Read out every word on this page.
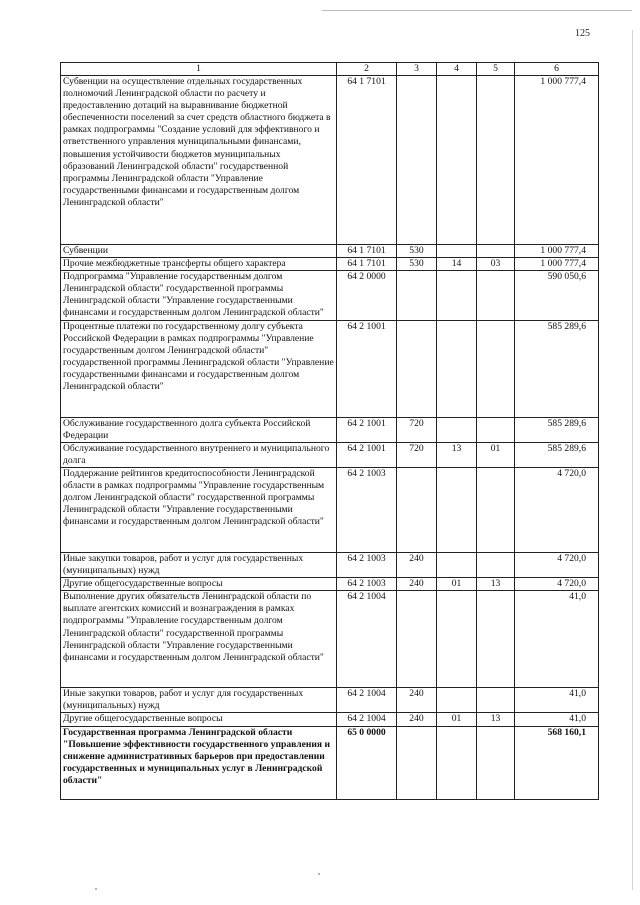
125
1	2	3	4	5	6
Субвенции на осуществление отдельных государственных полномочий Ленинградской области по расчету и предоставлению дотаций на выравнивание бюджетной обеспеченности поселений за счет средств областного бюджета в рамках подпрограммы "Создание условий для эффективного и ответственного управления муниципальными финансами, повышения устойчивости бюджетов муниципальных образований Ленинградской области" государственной программы Ленинградской области "Управление государственными финансами и государственным долгом Ленинградской области"	64 1 7101				1 000 777,4
Субвенции	64 1 7101	530			1 000 777,4
Прочие межбюджетные трансферты общего характера	64 1 7101	530	14	03	1 000 777,4
Подпрограмма "Управление государственным долгом Ленинградской области" государственной программы Ленинградской области "Управление государственными финансами и государственным долгом Ленинградской области"	64 2 0000				590 050,6
Процентные платежи по государственному долгу субъекта Российской Федерации в рамках подпрограммы "Управление государственным долгом Ленинградской области" государственной программы Ленинградской области "Управление государственными финансами и государственным долгом Ленинградской области"	64 2 1001				585 289,6
Обслуживание государственного долга субъекта Российской Федерации	64 2 1001	720			585 289,6
Обслуживание государственного внутреннего и муниципального долга	64 2 1001	720	13	01	585 289,6
Поддержание рейтингов кредитоспособности Ленинградской области в рамках подпрограммы "Управление государственным долгом Ленинградской области" государственной программы Ленинградской области "Управление государственными финансами и государственным долгом Ленинградской области"	64 2 1003				4 720,0
Иные закупки товаров, работ и услуг для государственных (муниципальных) нужд	64 2 1003	240			4 720,0
Другие общегосударственные вопросы	64 2 1003	240	01	13	4 720,0
Выполнение других обязательств Ленинградской области по выплате агентских комиссий и вознаграждения в рамках подпрограммы "Управление государственным долгом Ленинградской области" государственной программы Ленинградской области "Управление государственными финансами и государственным долгом Ленинградской области"	64 2 1004				41,0
Иные закупки товаров, работ и услуг для государственных (муниципальных) нужд	64 2 1004	240			41,0
Другие общегосударственные вопросы	64 2 1004	240	01	13	41,0
Государственная программа Ленинградской области "Повышение эффективности государственного управления и снижение административных барьеров при предоставлении государственных и муниципальных услуг в Ленинградской области"	65 0 0000				568 160,1
